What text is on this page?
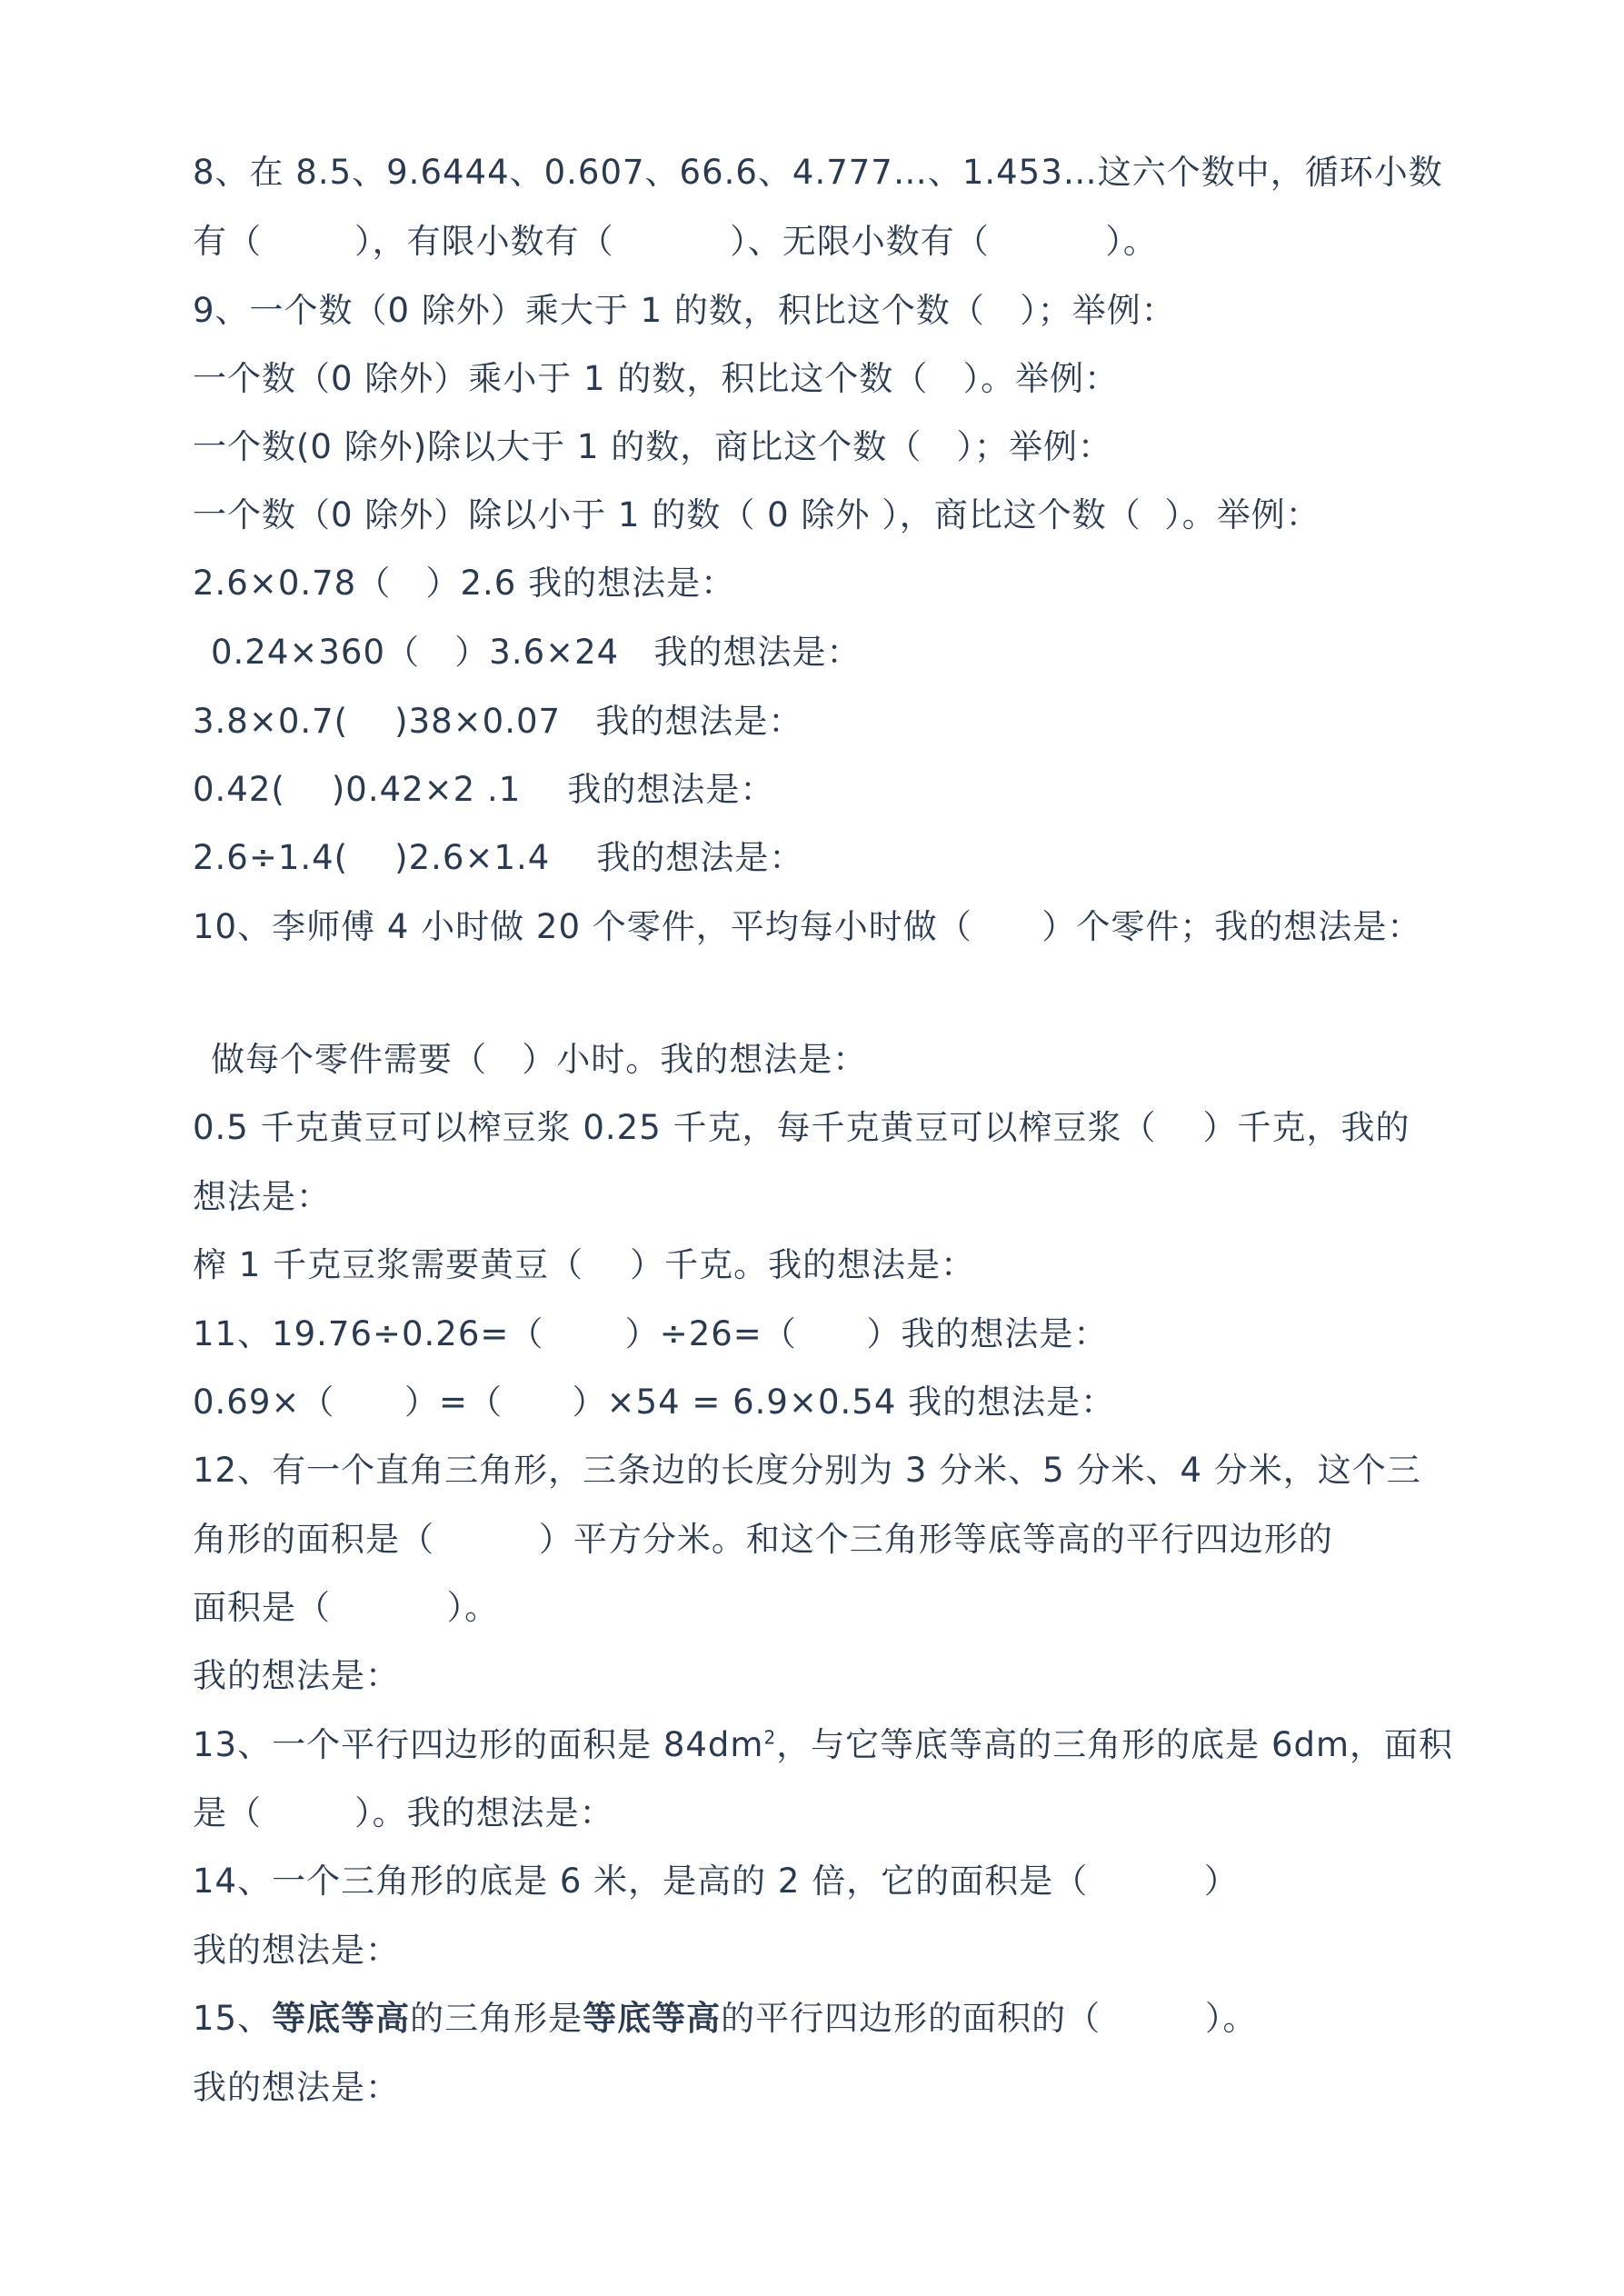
8、在 8.5、9.6444、0.607、66.6、4.777…、1.453…这六个数中，循环小数
有（        ），有限小数有（          ）、无限小数有（          ）。
9、一个数（0 除外）乘大于 1 的数，积比这个数（   ）；举例：
一个数（0 除外）乘小于 1 的数，积比这个数（   ）。举例：
一个数(0 除外)除以大于 1 的数，商比这个数（   ）；举例：
一个数（0 除外）除以小于 1 的数（ 0 除外 ），商比这个数（  ）。举例：
2.6×0.78（   ）2.6 我的想法是：
0.24×360（   ）3.6×24   我的想法是：
3.8×0.7(    )38×0.07   我的想法是：
0.42(    )0.42×2 .1    我的想法是：
2.6÷1.4(    )2.6×1.4    我的想法是：
10、李师傅 4 小时做 20 个零件，平均每小时做（      ）个零件；我的想法是：
做每个零件需要（   ）小时。我的想法是：
0.5 千克黄豆可以榨豆浆 0.25 千克，每千克黄豆可以榨豆浆（    ）千克，我的
想法是：
榨 1 千克豆浆需要黄豆（    ）千克。我的想法是：
11、19.76÷0.26=（       ）÷26=（      ）我的想法是：
0.69×（      ）=（      ）×54 = 6.9×0.54 我的想法是：
12、有一个直角三角形，三条边的长度分别为 3 分米、5 分米、4 分米，这个三
角形的面积是（         ）平方分米。和这个三角形等底等高的平行四边形的
面积是（          ）。
我的想法是：
13、一个平行四边形的面积是 $84dm^2$，与它等底等高的三角形的底是 6dm，面积
是（        ）。我的想法是：
14、一个三角形的底是 6 米，是高的 2 倍，它的面积是（          ）
我的想法是：
15、等底等高的三角形是等底等高的平行四边形的面积的（         ）。
我的想法是：
